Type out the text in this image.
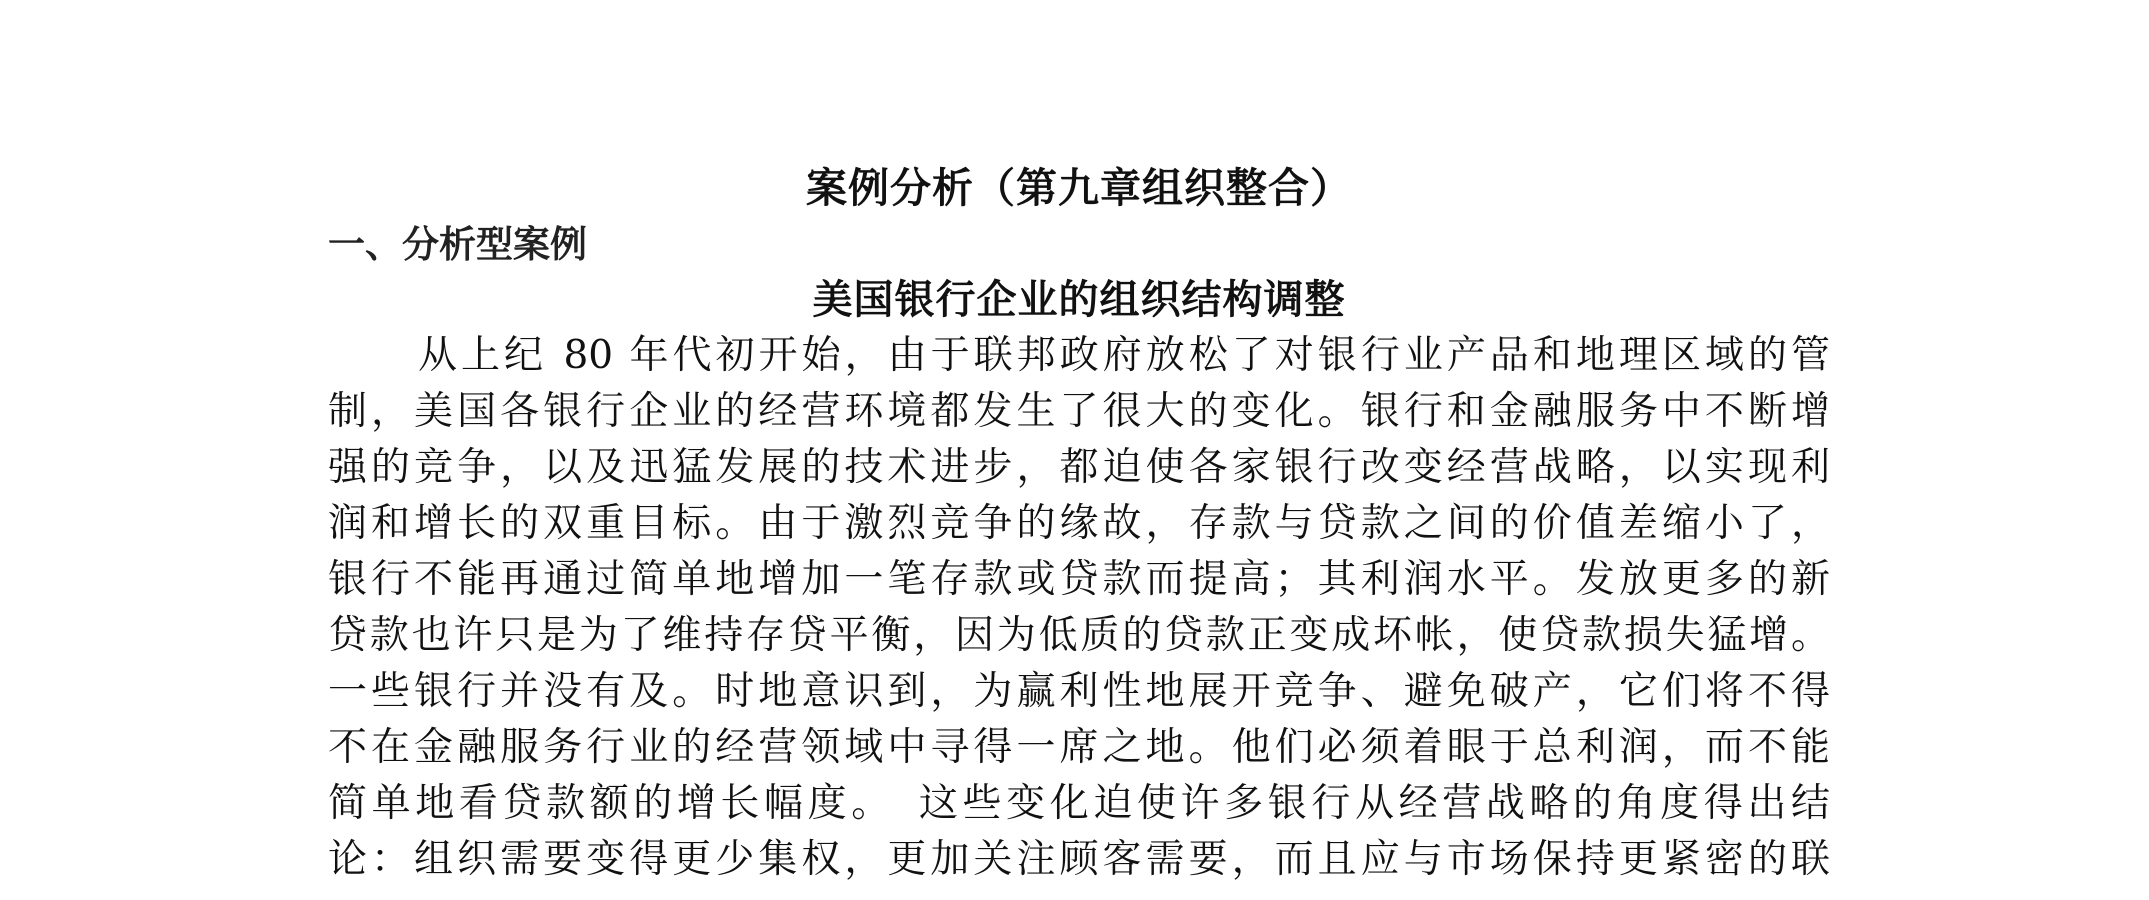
案例分析（第九章组织整合）
一、分析型案例
美国银行企业的组织结构调整
从上纪 80 年代初开始，由于联邦政府放松了对银行业产品和地理区域的管
制，美国各银行企业的经营环境都发生了很大的变化。银行和金融服务中不断增
强的竞争，以及迅猛发展的技术进步，都迫使各家银行改变经营战略，以实现利
润和增长的双重目标。由于激烈竞争的缘故，存款与贷款之间的价值差缩小了，
银行不能再通过简单地增加一笔存款或贷款而提高；其利润水平。发放更多的新
贷款也许只是为了维持存贷平衡，因为低质的贷款正变成坏帐，使贷款损失猛增。
一些银行并没有及。时地意识到，为赢利性地展开竞争、避免破产，它们将不得
不在金融服务行业的经营领域中寻得一席之地。他们必须着眼于总利润，而不能
简单地看贷款额的增长幅度。　这些变化迫使许多银行从经营战略的角度得出结
论：组织需要变得更少集权，更加关注顾客需要，而且应与市场保持更紧密的联
